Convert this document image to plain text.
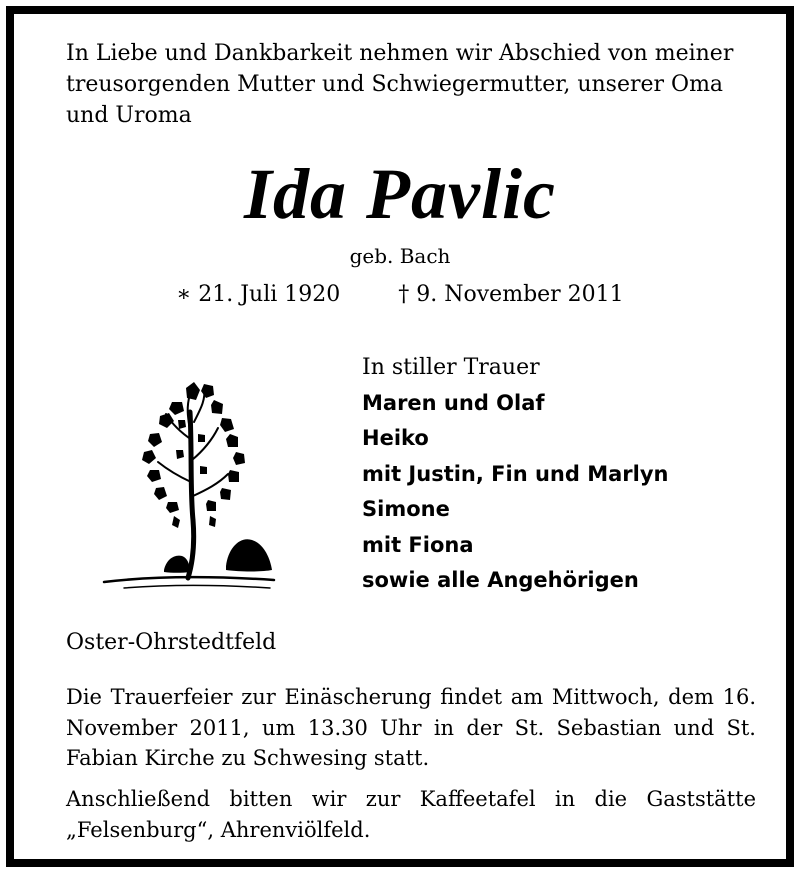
In Liebe und Dankbarkeit nehmen wir Abschied von meiner treusorgenden Mutter und Schwiegermutter, unserer Oma und Uroma

Ida Pavlic
geb. Bach
∗ 21. Juli 1920	† 9. November 2011
In stiller Trauer
Maren und Olaf
Heiko
mit Justin, Fin und Marlyn
Simone
mit Fiona
sowie alle Angehörigen
Oster-Ohrstedtfeld

Die Trauerfeier zur Einäscherung findet am Mittwoch, dem 16. November 2011, um 13.30 Uhr in der St. Sebastian und St. Fabian Kirche zu Schwesing statt.

Anschließend bitten wir zur Kaffeetafel in die Gaststätte „Felsenburg“, Ahrenviölfeld.
